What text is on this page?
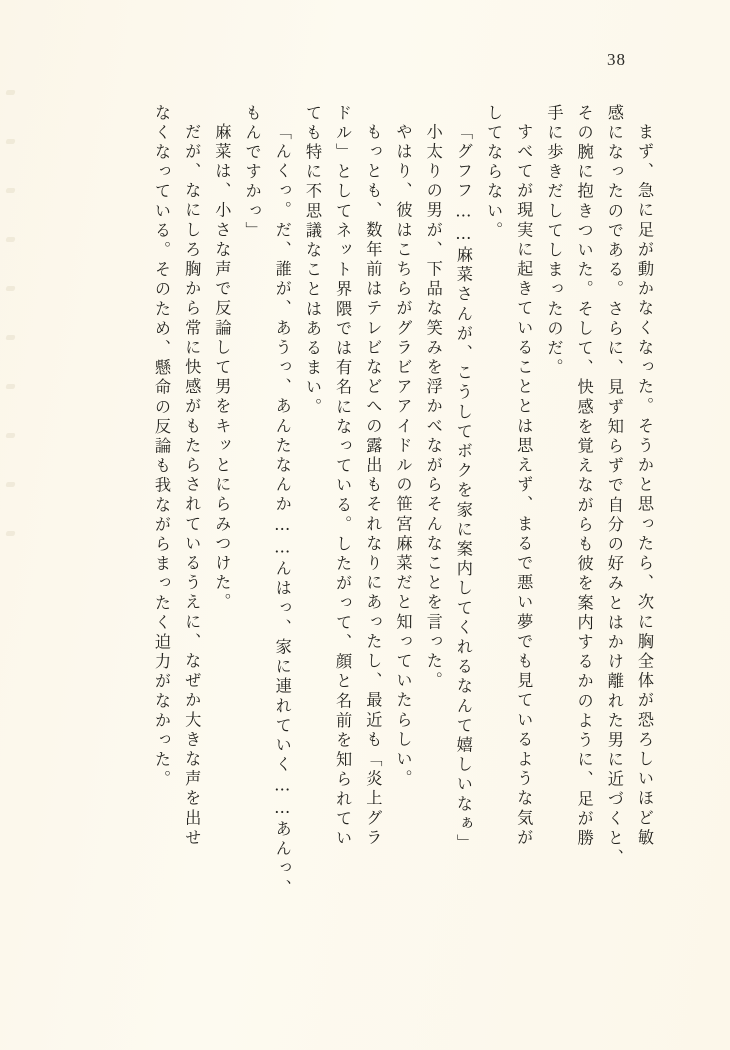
38
まず、急に足が動かなくなった。そうかと思ったら、次に胸全体が恐ろしいほど敏
感になったのである。さらに、見ず知らずで自分の好みとはかけ離れた男に近づくと、
その腕に抱きついた。そして、快感を覚えながらも彼を案内するかのように、足が勝
手に歩きだしてしまったのだ。
すべてが現実に起きていることとは思えず、まるで悪い夢でも見ているような気が
してならない。
「グフフ……麻菜さんが、こうしてボクを家に案内してくれるなんて嬉しいなぁ」
小太りの男が、下品な笑みを浮かべながらそんなことを言った。
やはり、彼はこちらがグラビアアイドルの笹宮麻菜だと知っていたらしい。
もっとも、数年前はテレビなどへの露出もそれなりにあったし、最近も「炎上グラ
ドル」としてネット界隈では有名になっている。したがって、顔と名前を知られてい
ても特に不思議なことはあるまい。
「んくっ。だ、誰が、あうっ、あんたなんか……んはっ、家に連れていく……あんっ、
もんですかっ」
麻菜は、小さな声で反論して男をキッとにらみつけた。
だが、なにしろ胸から常に快感がもたらされているうえに、なぜか大きな声を出せ
なくなっている。そのため、懸命の反論も我ながらまったく迫力がなかった。
